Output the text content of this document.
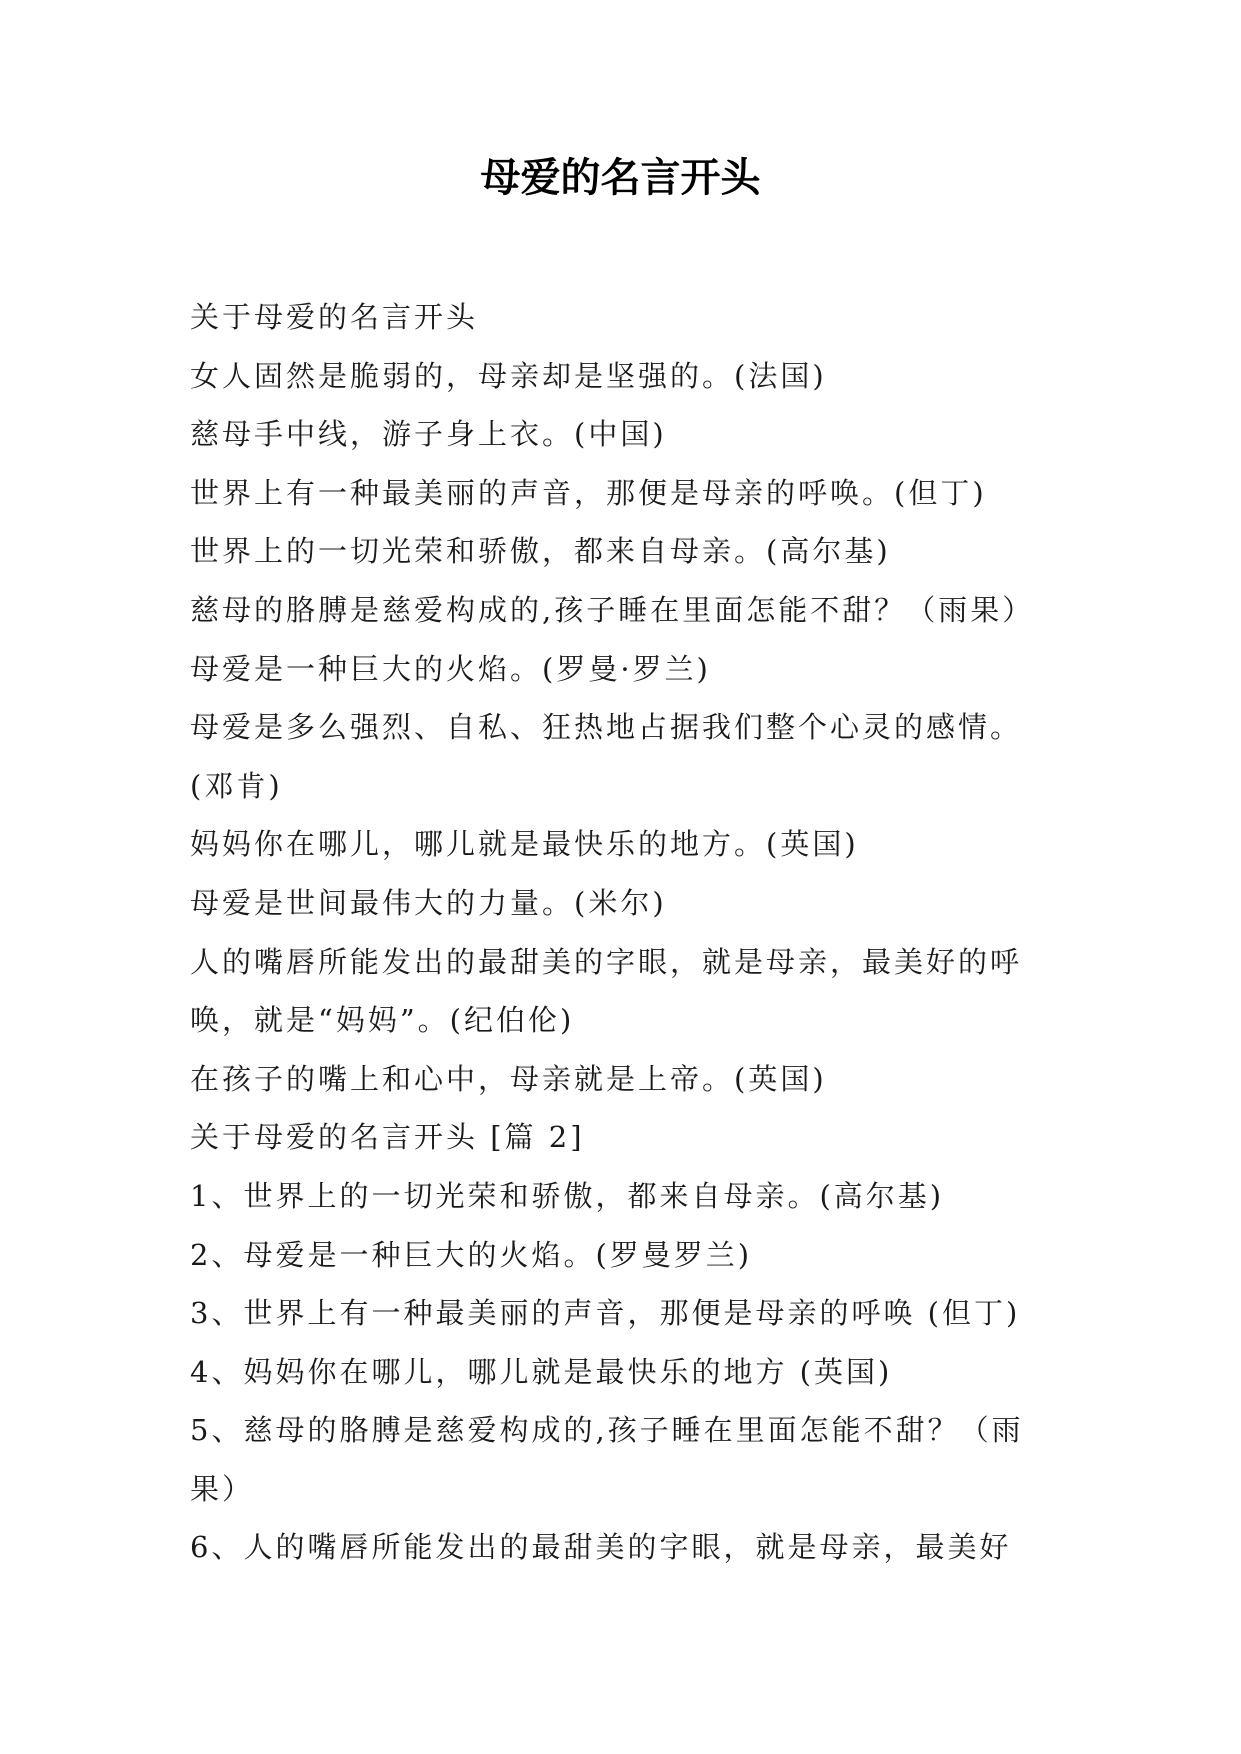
母爱的名言开头
关于母爱的名言开头
女人固然是脆弱的，母亲却是坚强的。(法国)
慈母手中线，游子身上衣。(中国)
世界上有一种最美丽的声音，那便是母亲的呼唤。(但丁)
世界上的一切光荣和骄傲，都来自母亲。(高尔基)
慈母的胳膊是慈爱构成的,孩子睡在里面怎能不甜？（雨果）
母爱是一种巨大的火焰。(罗曼·罗兰)
母爱是多么强烈、自私、狂热地占据我们整个心灵的感情。
(邓肯)
妈妈你在哪儿，哪儿就是最快乐的地方。(英国)
母爱是世间最伟大的力量。(米尔)
人的嘴唇所能发出的最甜美的字眼，就是母亲，最美好的呼
唤，就是“妈妈”。(纪伯伦)
在孩子的嘴上和心中，母亲就是上帝。(英国)
关于母爱的名言开头 [篇 2]
1、世界上的一切光荣和骄傲，都来自母亲。(高尔基)
2、母爱是一种巨大的火焰。(罗曼罗兰)
3、世界上有一种最美丽的声音，那便是母亲的呼唤 (但丁)
4、妈妈你在哪儿，哪儿就是最快乐的地方 (英国)
5、慈母的胳膊是慈爱构成的,孩子睡在里面怎能不甜？（雨
果）
6、人的嘴唇所能发出的最甜美的字眼，就是母亲，最美好
